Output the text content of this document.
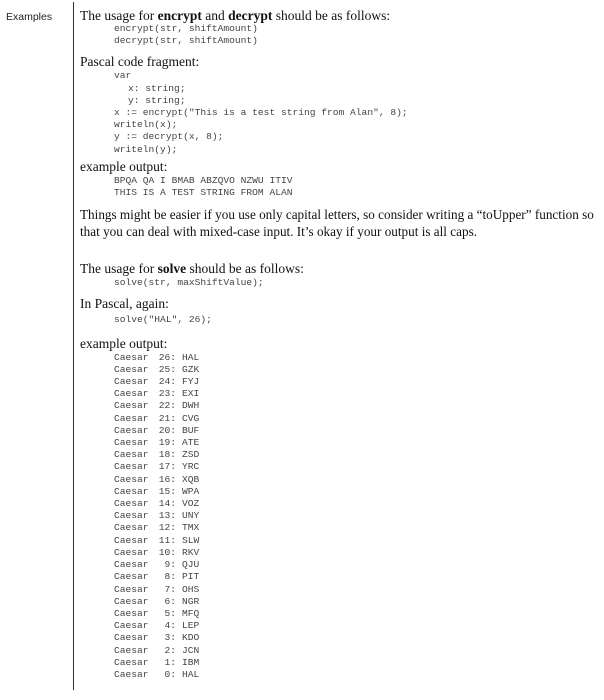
Examples The usage for encrypt and decrypt should be as follows:
encrypt(str, shiftAmount)
decrypt(str, shiftAmount)
Pascal code fragment:
var
x: string;
y: string;
x := encrypt("This is a test string from Alan", 8);
writeln(x);
y := decrypt(x, 8);
writeln(y);
example output:
BPQA QA I BMAB ABZQVO NZWU ITIV
THIS IS A TEST STRING FROM ALAN
Things might be easier if you use only capital letters, so consider writing a “toUpper” function so that you can deal with mixed-case input. It’s okay if your output is all caps.
The usage for solve should be as follows:
solve(str, maxShiftValue);
In Pascal, again:
solve("HAL", 26);
example output:
Caesar	26: HAL
Caesar	25: GZK
Caesar	24: FYJ
Caesar	23: EXI
Caesar	22: DWH
Caesar	21: CVG
Caesar	20: BUF
Caesar	19: ATE
Caesar	18: ZSD
Caesar	17: YRC
Caesar	16: XQB
Caesar	15: WPA
Caesar	14: VOZ
Caesar	13: UNY
Caesar	12: TMX
Caesar	11: SLW
Caesar	10: RKV
Caesar	9: QJU
Caesar	8: PIT
Caesar	7: OHS
Caesar	6: NGR
Caesar	5: MFQ
Caesar	4: LEP
Caesar	3: KDO
Caesar	2: JCN
Caesar	1: IBM
Caesar	0: HAL
